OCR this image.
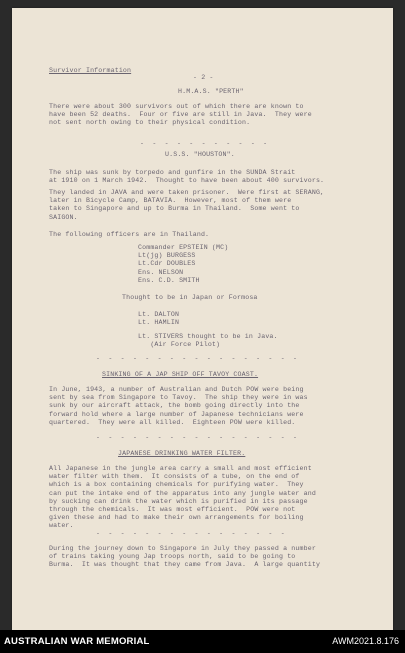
Survivor Information
- 2 -
H.M.A.S. "PERTH"
There were about 300 survivors out of which there are known to
have been 52 deaths.  Four or five are still in Java.  They were
not sent north owing to their physical condition.
- - - - - - - - - - -
U.S.S. "HOUSTON".
The ship was sunk by torpedo and gunfire in the SUNDA Strait
at 1910 on 1 March 1942.  Thought to have been about 400 survivors.
They landed in JAVA and were taken prisoner.  Were first at SERANG,
later in Bicycle Camp, BATAVIA.  However, most of them were
taken to Singapore and up to Burma in Thailand.  Some went to
SAIGON.
The following officers are in Thailand.
Commander EPSTEIN (MC)
Lt(jg) BURGESS
Lt.Cdr DOUBLES
Ens. NELSON
Ens. C.D. SMITH
Thought to be in Japan or Formosa
Lt. DALTON
Lt. HAMLIN
Lt. STIVERS thought to be in Java.
(Air Force Pilot)
- - - - - - - - - - - - - - - - -
SINKING OF A JAP SHIP OFF TAVOY COAST.
In June, 1943, a number of Australian and Dutch POW were being
sent by sea from Singapore to Tavoy.  The ship they were in was
sunk by our aircraft attack, the bomb going directly into the
forward hold where a large number of Japanese technicians were
quartered.  They were all killed.  Eighteen POW were killed.
- - - - - - - - - - - - - - - - -
JAPANESE DRINKING WATER FILTER.
All Japanese in the jungle area carry a small and most efficient
water filter with them.  It consists of a tube, on the end of
which is a box containing chemicals for purifying water.  They
can put the intake end of the apparatus into any jungle water and
by sucking can drink the water which is purified in its passage
through the chemicals.  It was most efficient.  POW were not
given these and had to make their own arrangements for boiling
water.
- - - - - - - - - - - - - - - -
During the journey down to Singapore in July they passed a number
of trains taking young Jap troops north, said to be going to
Burma.  It was thought that they came from Java.  A large quantity
AUSTRALIAN WAR MEMORIAL	AWM2021.8.176
